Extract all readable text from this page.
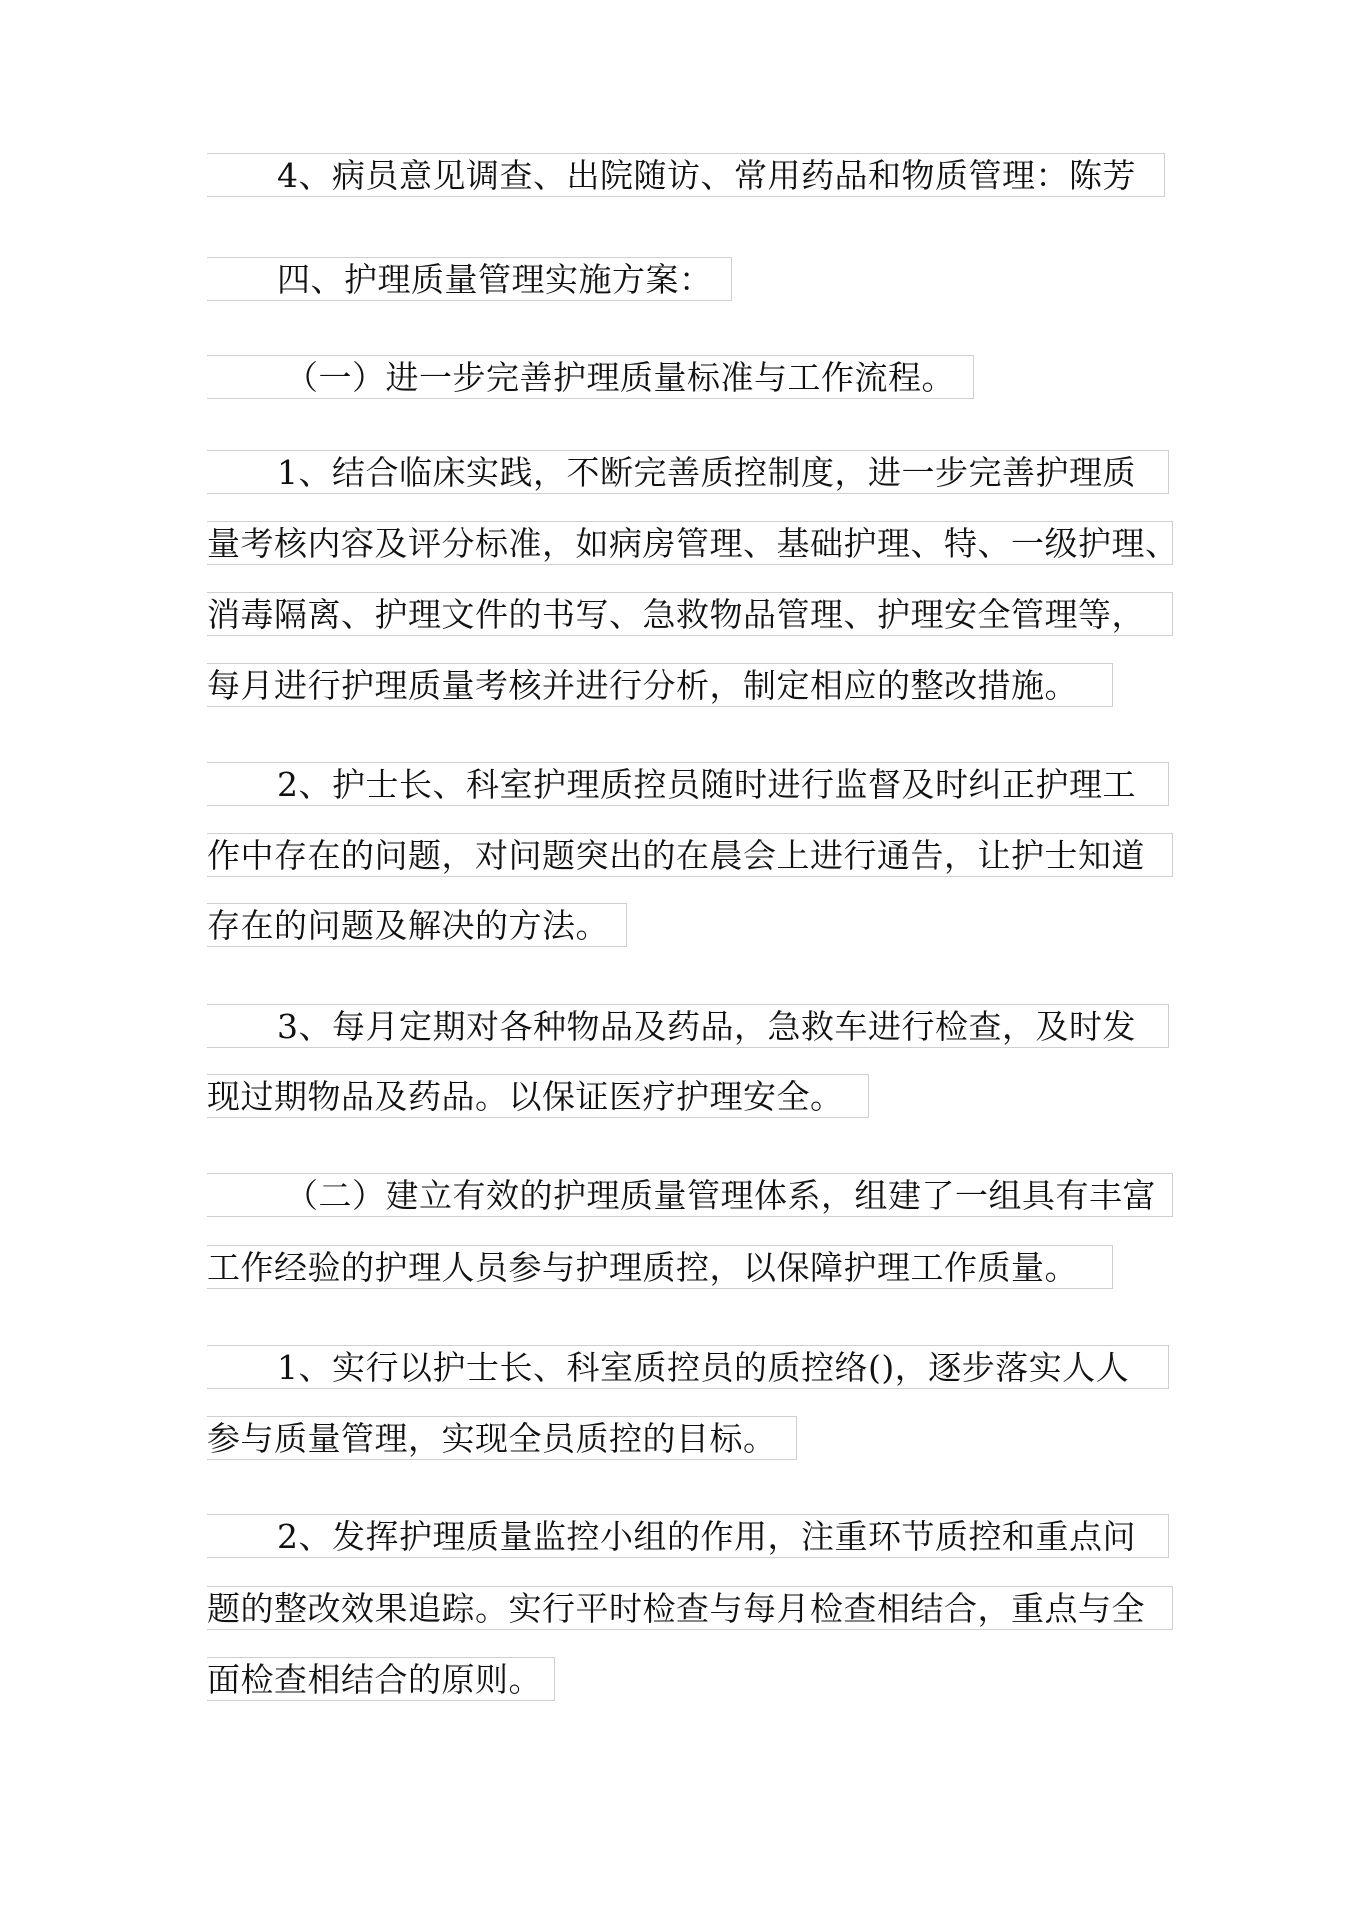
4、病员意见调查、出院随访、常用药品和物质管理：陈芳
四、护理质量管理实施方案：
（一）进一步完善护理质量标准与工作流程。
1、结合临床实践，不断完善质控制度，进一步完善护理质
量考核内容及评分标准，如病房管理、基础护理、特、一级护理、
消毒隔离、护理文件的书写、急救物品管理、护理安全管理等，
每月进行护理质量考核并进行分析，制定相应的整改措施。
2、护士长、科室护理质控员随时进行监督及时纠正护理工
作中存在的问题，对问题突出的在晨会上进行通告，让护士知道
存在的问题及解决的方法。
3、每月定期对各种物品及药品，急救车进行检查，及时发
现过期物品及药品。以保证医疗护理安全。
（二）建立有效的护理质量管理体系，组建了一组具有丰富
工作经验的护理人员参与护理质控，以保障护理工作质量。
1、实行以护士长、科室质控员的质控络()，逐步落实人人
参与质量管理，实现全员质控的目标。
2、发挥护理质量监控小组的作用，注重环节质控和重点问
题的整改效果追踪。实行平时检查与每月检查相结合，重点与全
面检查相结合的原则。
